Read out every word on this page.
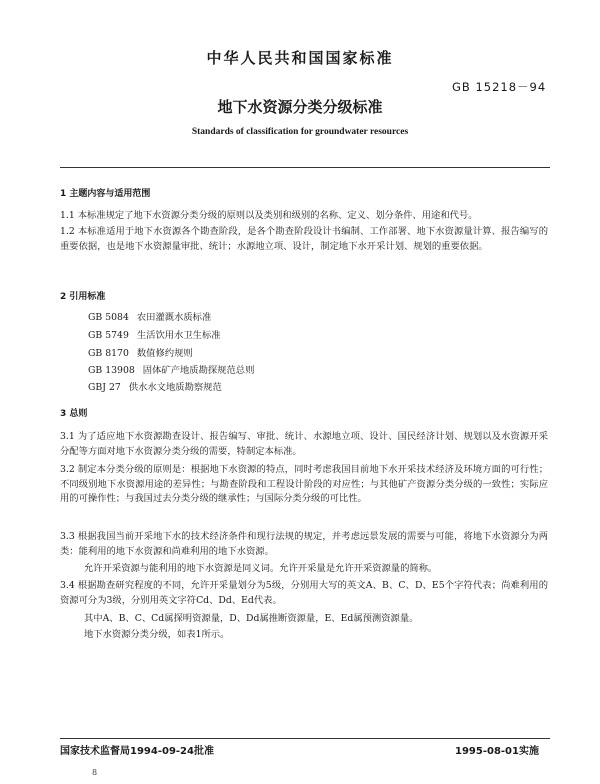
中华人民共和国国家标准
GB 15218－94
地下水资源分类分级标准
Standards of classification for groundwater resources
1 主题内容与适用范围
1.1 本标准规定了地下水资源分类分级的原则以及类别和级别的名称、定义、划分条件、用途和代号。
1.2 本标准适用于地下水资源各个勘查阶段，是各个勘查阶段设计书编制、工作部署、地下水资源量计算、报告编写的重要依据，也是地下水资源量审批、统计；水源地立项、设计，制定地下水开采计划、规划的重要依据。
2 引用标准
GB 5084 农田灌溉水质标准
GB 5749 生活饮用水卫生标准
GB 8170 数值修约规则
GB 13908 固体矿产地质勘探规范总则
GBJ 27 供水水文地质勘察规范
3 总则
3.1 为了适应地下水资源勘查设计、报告编写、审批、统计、水源地立项、设计、国民经济计划、规划以及水资源开采分配等方面对地下水资源分类分级的需要，特制定本标准。
3.2 制定本分类分级的原则是：根据地下水资源的特点，同时考虑我国目前地下水开采技术经济及环境方面的可行性；不同级别地下水资源用途的差异性；与勘查阶段和工程设计阶段的对应性；与其他矿产资源分类分级的一致性；实际应用的可操作性；与我国过去分类分级的继承性；与国际分类分级的可比性。
3.3 根据我国当前开采地下水的技术经济条件和现行法规的规定，并考虑远景发展的需要与可能，将地下水资源分为两类：能利用的地下水资源和尚难利用的地下水资源。
允许开采资源与能利用的地下水资源是同义词。允许开采量是允许开采资源量的简称。
3.4 根据勘查研究程度的不同，允许开采量划分为5级，分别用大写的英文A、B、C、D、E5个字符代表；尚难利用的资源可分为3级，分别用英文字符Cd、Dd、Ed代表。
其中A、B、C、Cd属探明资源量，D、Dd属推断资源量，E、Ed属预测资源量。
地下水资源分类分级，如表1所示。
国家技术监督局1994-09-24批准	1995-08-01实施
8
